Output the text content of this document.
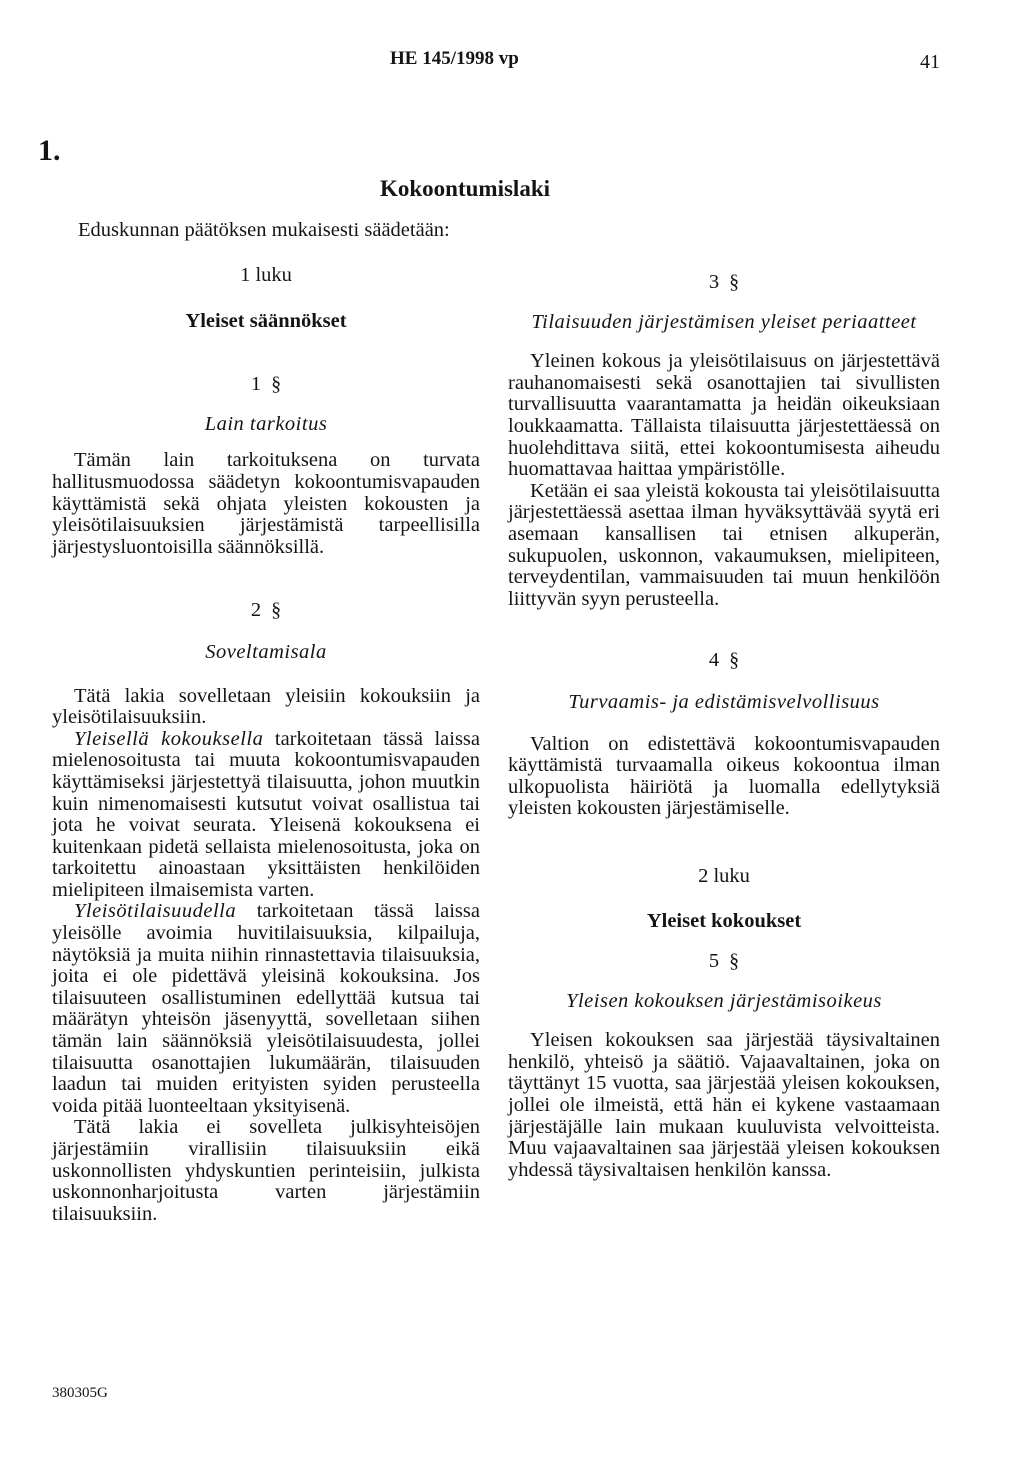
HE 145/1998 vp	41
1.
Kokoontumislaki
Eduskunnan päätöksen mukaisesti säädetään:
1 luku
Yleiset säännökset
1 §
Lain tarkoitus

Tämän lain tarkoituksena on turvata hallitusmuodossa säädetyn kokoontumisvapauden käyttämistä sekä ohjata yleisten kokousten ja yleisötilaisuuksien järjestämistä tarpeellisilla järjestysluontoisilla säännöksillä.

2 §
Soveltamisala

Tätä lakia sovelletaan yleisiin kokouksiin ja yleisötilaisuuksiin.

Yleisellä kokouksella tarkoitetaan tässä laissa mielenosoitusta tai muuta kokoontumisvapauden käyttämiseksi järjestettyä tilaisuutta, johon muutkin kuin nimenomaisesti kutsutut voivat osallistua tai jota he voivat seurata. Yleisenä kokouksena ei kuitenkaan pidetä sellaista mielenosoitusta, joka on tarkoitettu ainoastaan yksittäisten henkilöiden mielipiteen ilmaisemista varten.

Yleisötilaisuudella tarkoitetaan tässä laissa yleisölle avoimia huvitilaisuuksia, kilpailuja, näytöksiä ja muita niihin rinnastettavia tilaisuuksia, joita ei ole pidettävä yleisinä kokouksina. Jos tilaisuuteen osallistuminen edellyttää kutsua tai määrätyn yhteisön jäsenyyttä, sovelletaan siihen tämän lain säännöksiä yleisötilaisuudesta, jollei tilaisuutta osanottajien lukumäärän, tilaisuuden laadun tai muiden erityisten syiden perusteella voida pitää luonteeltaan yksityisenä.

Tätä lakia ei sovelleta julkisyhteisöjen järjestämiin virallisiin tilaisuuksiin eikä uskonnollisten yhdyskuntien perinteisiin, julkista uskonnonharjoitusta varten järjestämiin tilaisuuksiin.

3 §
Tilaisuuden järjestämisen yleiset periaatteet

Yleinen kokous ja yleisötilaisuus on järjestettävä rauhanomaisesti sekä osanottajien tai sivullisten turvallisuutta vaarantamatta ja heidän oikeuksiaan loukkaamatta. Tällaista tilaisuutta järjestettäessä on huolehdittava siitä, ettei kokoontumisesta aiheudu huomattavaa haittaa ympäristölle.

Ketään ei saa yleistä kokousta tai yleisötilaisuutta järjestettäessä asettaa ilman hyväksyttävää syytä eri asemaan kansallisen tai etnisen alkuperän, sukupuolen, uskonnon, vakaumuksen, mielipiteen, terveydentilan, vammaisuuden tai muun henkilöön liittyvän syyn perusteella.

4 §
Turvaamis- ja edistämisvelvollisuus

Valtion on edistettävä kokoontumisvapauden käyttämistä turvaamalla oikeus kokoontua ilman ulkopuolista häiriötä ja luomalla edellytyksiä yleisten kokousten järjestämiselle.

2 luku
Yleiset kokoukset
5 §
Yleisen kokouksen järjestämisoikeus

Yleisen kokouksen saa järjestää täysivaltainen henkilö, yhteisö ja säätiö. Vajaavaltainen, joka on täyttänyt 15 vuotta, saa järjestää yleisen kokouksen, jollei ole ilmeistä, että hän ei kykene vastaamaan järjestäjälle lain mukaan kuuluvista velvoitteista. Muu vajaavaltainen saa järjestää yleisen kokouksen yhdessä täysivaltaisen henkilön kanssa.

380305G
